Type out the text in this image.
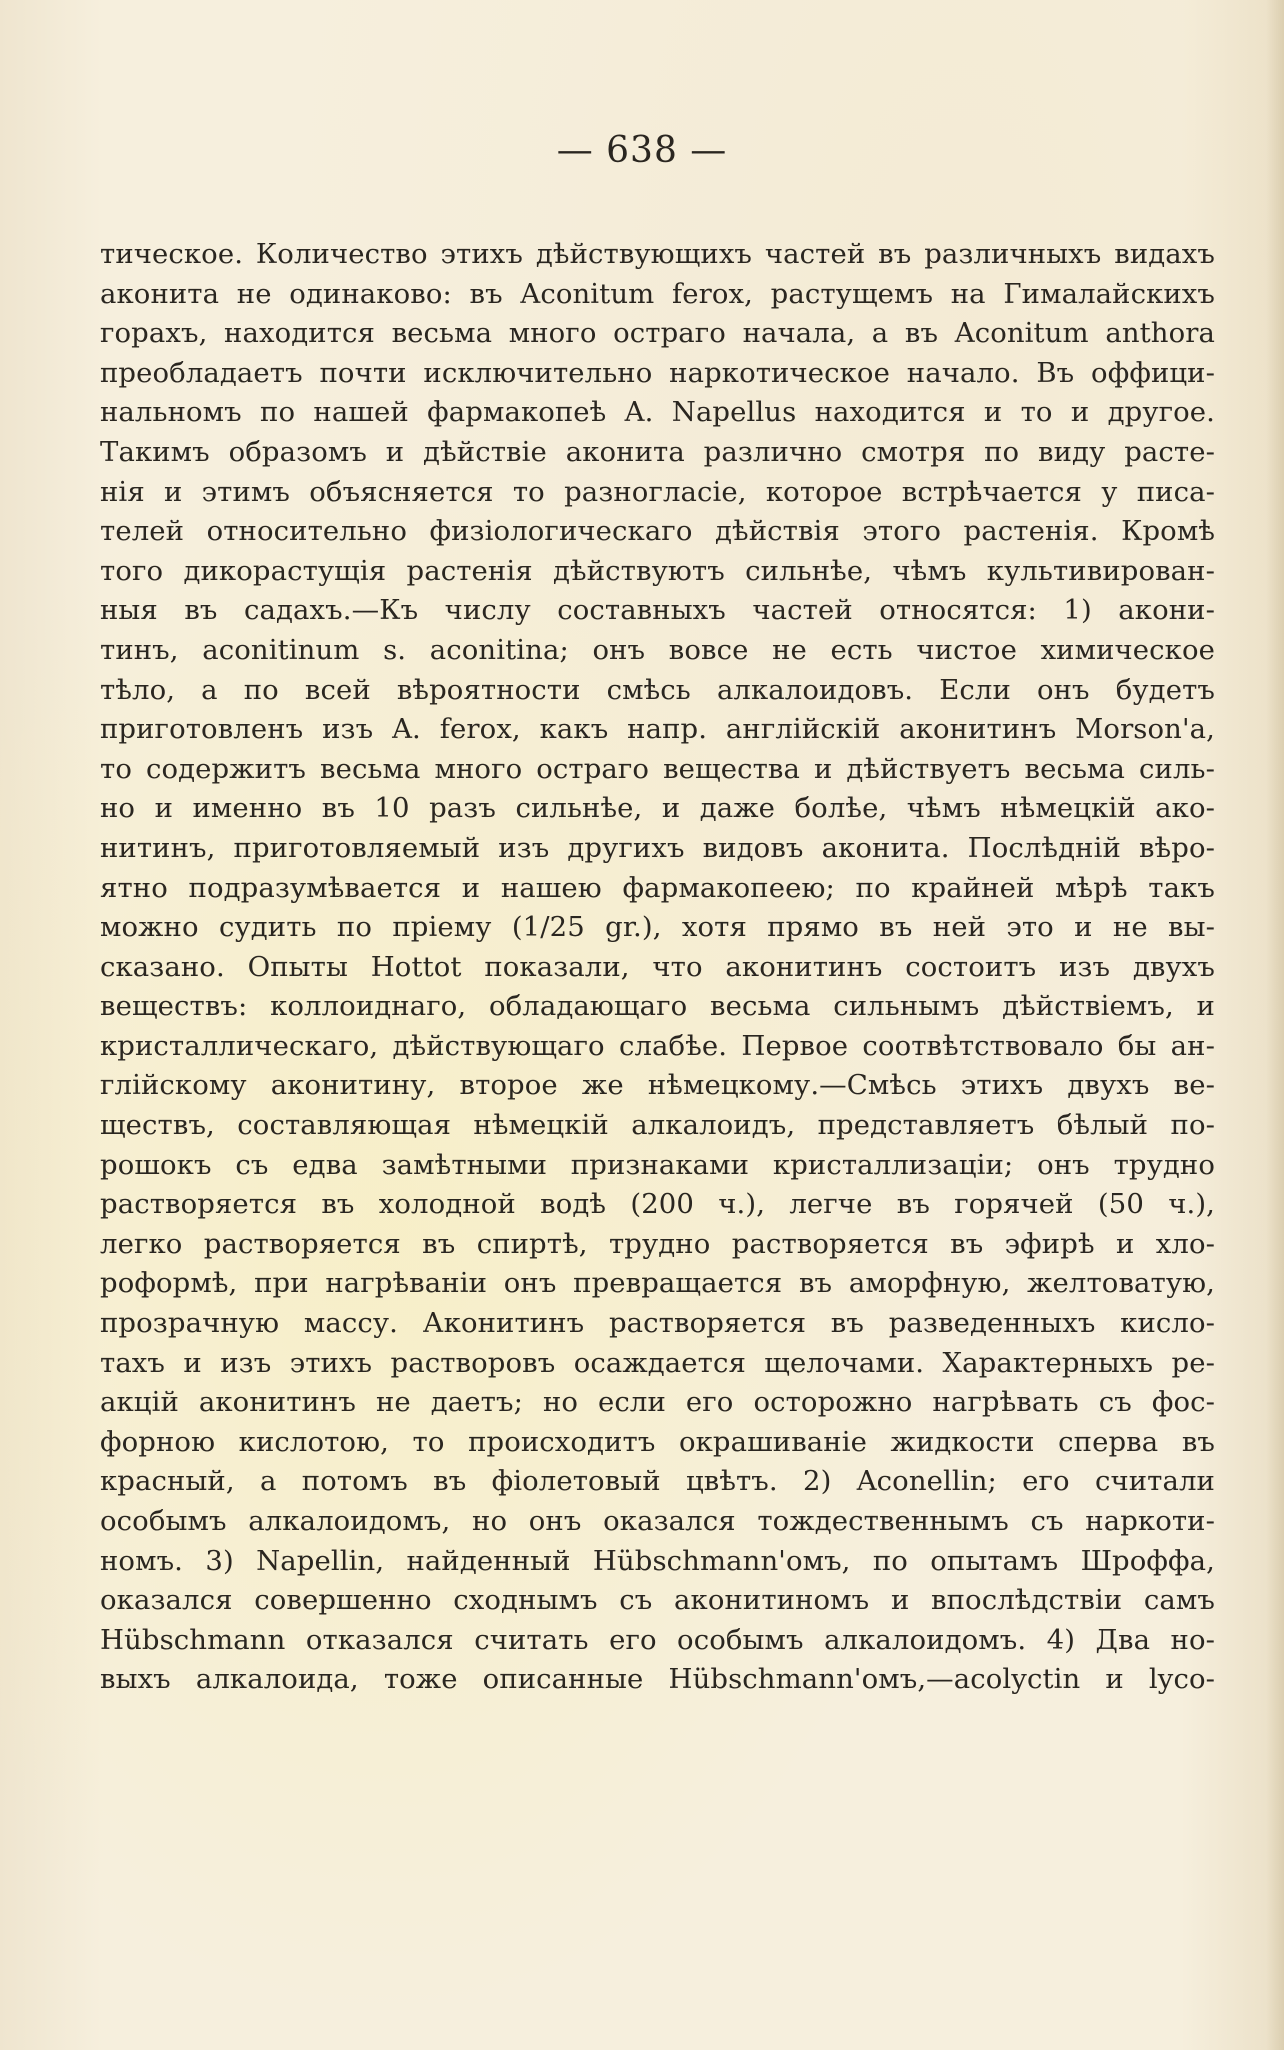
— 638 —
тическое. Количество этихъ дѣйствующихъ частей въ различныхъ видахъ
аконита не одинаково: въ Aconitum ferox, растущемъ на Гималайскихъ
горахъ, находится весьма много остраго начала, а въ Aconitum anthora
преобладаетъ почти исключительно наркотическое начало. Въ оффици-
нальномъ по нашей фармакопеѣ A. Napellus находится и то и другое.
Такимъ образомъ и дѣйствіе аконита различно смотря по виду расте-
нія и этимъ объясняется то разногласіе, которое встрѣчается у писа-
телей относительно физіологическаго дѣйствія этого растенія. Кромѣ
того дикорастущія растенія дѣйствуютъ сильнѣе, чѣмъ культивирован-
ныя въ садахъ.—Къ числу составныхъ частей относятся: 1) акони-
тинъ, aconitinum s. aconitina; онъ вовсе не есть чистое химическое
тѣло, а по всей вѣроятности смѣсь алкалоидовъ. Если онъ будетъ
приготовленъ изъ A. ferox, какъ напр. англійскій аконитинъ Morson'а,
то содержитъ весьма много остраго вещества и дѣйствуетъ весьма силь-
но и именно въ 10 разъ сильнѣе, и даже болѣе, чѣмъ нѣмецкій ако-
нитинъ, приготовляемый изъ другихъ видовъ аконита. Послѣдній вѣро-
ятно подразумѣвается и нашею фармакопеею; по крайней мѣрѣ такъ
можно судить по пріему (1/25 gr.), хотя прямо въ ней это и не вы-
сказано. Опыты Hottot показали, что аконитинъ состоитъ изъ двухъ
веществъ: коллоиднаго, обладающаго весьма сильнымъ дѣйствіемъ, и
кристаллическаго, дѣйствующаго слабѣе. Первое соотвѣтствовало бы ан-
глійскому аконитину, второе же нѣмецкому.—Смѣсь этихъ двухъ ве-
ществъ, составляющая нѣмецкій алкалоидъ, представляетъ бѣлый по-
рошокъ съ едва замѣтными признаками кристаллизаціи; онъ трудно
растворяется въ холодной водѣ (200 ч.), легче въ горячей (50 ч.),
легко растворяется въ спиртѣ, трудно растворяется въ эфирѣ и хло-
роформѣ, при нагрѣваніи онъ превращается въ аморфную, желтоватую,
прозрачную массу. Аконитинъ растворяется въ разведенныхъ кисло-
тахъ и изъ этихъ растворовъ осаждается щелочами. Характерныхъ ре-
акцій аконитинъ не даетъ; но если его осторожно нагрѣвать съ фос-
форною кислотою, то происходитъ окрашиваніе жидкости сперва въ
красный, а потомъ въ фіолетовый цвѣтъ. 2) Aconellin; его считали
особымъ алкалоидомъ, но онъ оказался тождественнымъ съ наркоти-
номъ. 3) Napellin, найденный Hübschmann'омъ, по опытамъ Шроффа,
оказался совершенно сходнымъ съ аконитиномъ и впослѣдствіи самъ
Hübschmann отказался считать его особымъ алкалоидомъ. 4) Два но-
выхъ алкалоида, тоже описанные Hübschmann'омъ,—acolyctin и lyco-
